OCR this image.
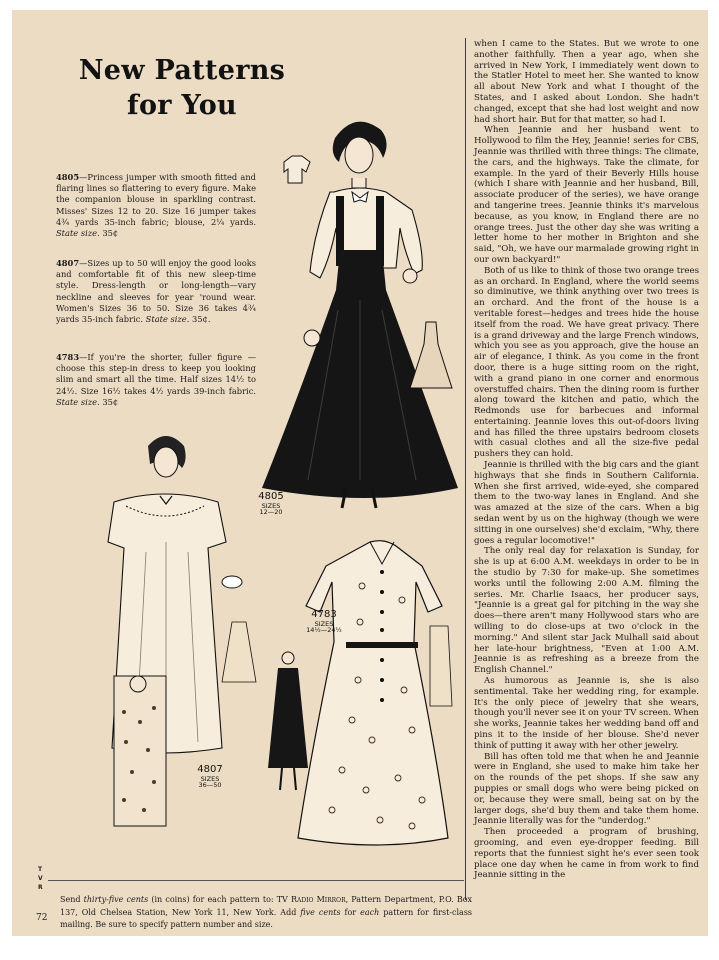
New Patterns
for You
4805—Princess jumper with smooth fitted and flaring lines so flattering to every figure. Make the companion blouse in sparkling contrast. Misses' Sizes 12 to 20. Size 16 jumper takes 4¾ yards 35-inch fabric; blouse, 2¼ yards. State size. 35¢
4807—Sizes up to 50 will enjoy the good looks and comfortable fit of this new sleep-time style. Dress-length or long-length—vary neckline and sleeves for year 'round wear. Women's Sizes 36 to 50. Size 36 takes 4¾ yards 35-inch fabric. State size. 35¢.
4783—If you're the shorter, fuller figure —choose this step-in dress to keep you looking slim and smart all the time. Half sizes 14½ to 24½. Size 16½ takes 4½ yards 39-inch fabric. State size. 35¢
4805
SIZES
12—20
4807
SIZES
36—50
4783
SIZES
14½—24½

when I came to the States. But we wrote to one another faithfully. Then a year ago, when she arrived in New York, I immediately went down to the Statler Hotel to meet her. She wanted to know all about New York and what I thought of the States, and I asked about London. She hadn't changed, except that she had lost weight and now had short hair. But for that matter, so had I.

When Jeannie and her husband went to Hollywood to film the Hey, Jeannie! series for CBS, Jeannie was thrilled with three things: The climate, the cars, and the highways. Take the climate, for example. In the yard of their Beverly Hills house (which I share with Jeannie and her husband, Bill, associate producer of the series), we have orange and tangerine trees. Jeannie thinks it's marvelous because, as you know, in England there are no orange trees. Just the other day she was writing a letter home to her mother in Brighton and she said, "Oh, we have our marmalade growing right in our own backyard!"

Both of us like to think of those two orange trees as an orchard. In England, where the world seems so diminutive, we think anything over two trees is an orchard. And the front of the house is a veritable forest—hedges and trees hide the house itself from the road. We have great privacy. There is a grand driveway and the large French windows, which you see as you approach, give the house an air of elegance, I think. As you come in the front door, there is a huge sitting room on the right, with a grand piano in one corner and enormous overstuffed chairs. Then the dining room is further along toward the kitchen and patio, which the Redmonds use for barbecues and informal entertaining. Jeannie loves this out-of-doors living and has filled the three upstairs bedroom closets with casual clothes and all the size-five pedal pushers they can hold.

Jeannie is thrilled with the big cars and the giant highways that she finds in Southern California. When she first arrived, wide-eyed, she compared them to the two-way lanes in England. And she was amazed at the size of the cars. When a big sedan went by us on the highway (though we were sitting in one ourselves) she'd exclaim, "Why, there goes a regular locomotive!"

The only real day for relaxation is Sunday, for she is up at 6:00 A.M. weekdays in order to be in the studio by 7:30 for make-up. She sometimes works until the following 2:00 A.M. filming the series. Mr. Charlie Isaacs, her producer says, "Jeannie is a great gal for pitching in the way she does—there aren't many Hollywood stars who are willing to do close-ups at two o'clock in the morning." And silent star Jack Mulhall said about her late-hour brightness, "Even at 1:00 A.M. Jeannie is as refreshing as a breeze from the English Channel."

As humorous as Jeannie is, she is also sentimental. Take her wedding ring, for example. It's the only piece of jewelry that she wears, though you'll never see it on your TV screen. When she works, Jeannie takes her wedding band off and pins it to the inside of her blouse. She'd never think of putting it away with her other jewelry.

Bill has often told me that when he and Jeannie were in England, she used to make him take her on the rounds of the pet shops. If she saw any puppies or small dogs who were being picked on or, because they were small, being sat on by the larger dogs, she'd buy them and take them home. Jeannie literally was for the "underdog."

Then proceeded a program of brushing, grooming, and even eye-dropper feeding. Bill reports that the funniest sight he's ever seen took place one day when he came in from work to find Jeannie sitting in the

T
V
R
Send thirty-five cents (in coins) for each pattern to: TV Radio Mirror, Pattern Department, P.O. Box 137, Old Chelsea Station, New York 11, New York. Add five cents for each pattern for first-class mailing. Be sure to specify pattern number and size.
72
